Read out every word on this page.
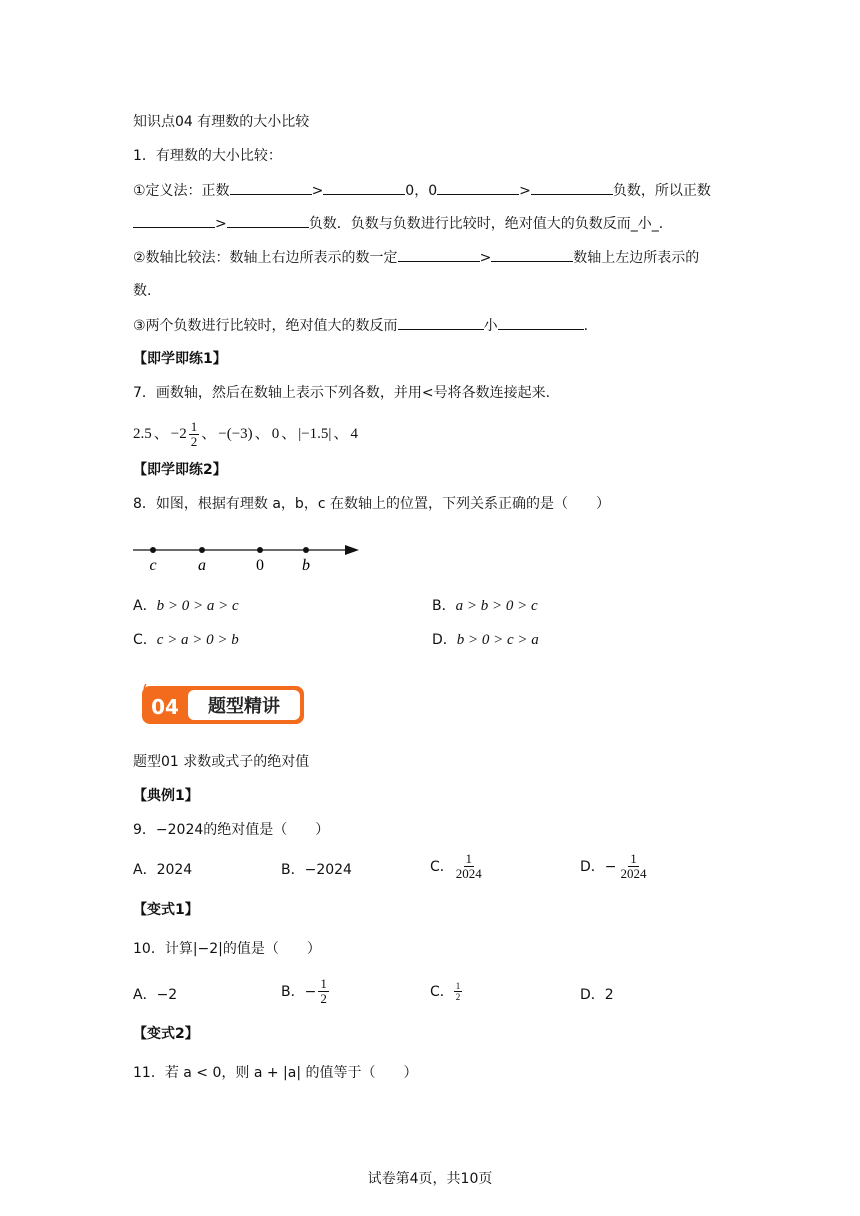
知识点04 有理数的大小比较
1．有理数的大小比较：
①定义法：正数	>	0，0	>	负数，所以正数
>	负数．负数与负数进行比较时，绝对值大的负数反而_小_.
②数轴比较法：数轴上右边所表示的数一定	>	数轴上左边所表示的
数.
③两个负数进行比较时，绝对值大的数反而	小	.
【即学即练1】
7．画数轴，然后在数轴上表示下列各数，并用<号将各数连接起来.
2.5 、 $-2 \frac{1}{2}$ 、 −(−3) 、 0 、 |−1.5| 、 4
【即学即练2】
8．如图，根据有理数 a，b，c 在数轴上的位置，下列关系正确的是（　　）
c	a	0 b
A．b > 0 > a > c	B．a > b > 0 > c
C．c > a > 0 > b	D．b > 0 > c > a
04 题型精讲
题型01 求数或式子的绝对值
【典例1】
9．−2024的绝对值是（　　）
A．2024	B．−2024	C． $\frac{1}{2024}$	D． − $\frac{1}{2024}$
【变式1】
10．计算|−2|的值是（　　）
A．−2	B． − $\frac{1}{2}$	C． $\frac{1}{2}$	D．2
【变式2】
11．若 a < 0，则 a + |a| 的值等于（　　）
试卷第4页，共10页
